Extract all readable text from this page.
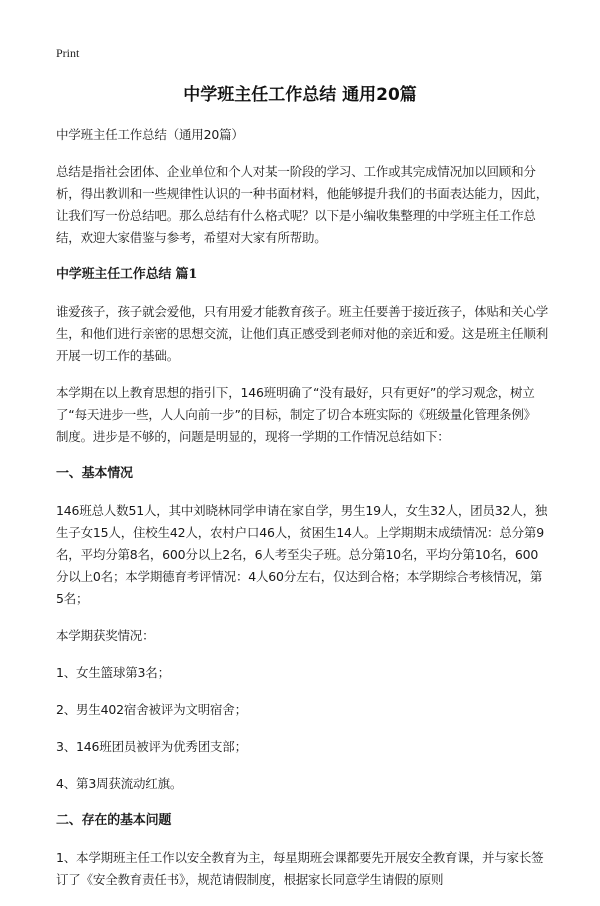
Print
中学班主任工作总结 通用20篇

中学班主任工作总结（通用20篇）

总结是指社会团体、企业单位和个人对某一阶段的学习、工作或其完成情况加以回顾和分析，得出教训和一些规律性认识的一种书面材料，他能够提升我们的书面表达能力，因此，让我们写一份总结吧。那么总结有什么格式呢？以下是小编收集整理的中学班主任工作总结，欢迎大家借鉴与参考，希望对大家有所帮助。

中学班主任工作总结 篇1

谁爱孩子，孩子就会爱他，只有用爱才能教育孩子。班主任要善于接近孩子，体贴和关心学生，和他们进行亲密的思想交流，让他们真正感受到老师对他的亲近和爱。这是班主任顺利开展一切工作的基础。

本学期在以上教育思想的指引下，146班明确了“没有最好，只有更好”的学习观念，树立了“每天进步一些，人人向前一步”的目标，制定了切合本班实际的《班级量化管理条例》制度。进步是不够的，问题是明显的，现将一学期的工作情况总结如下：

一、基本情况

146班总人数51人，其中刘晓林同学申请在家自学，男生19人，女生32人，团员32人，独生子女15人，住校生42人，农村户口46人，贫困生14人。上学期期末成绩情况：总分第9名，平均分第8名，600分以上2名，6人考至尖子班。总分第10名，平均分第10名，600分以上0名；本学期德育考评情况：4人60分左右，仅达到合格；本学期综合考核情况，第5名；

本学期获奖情况：

1、女生篮球第3名；

2、男生402宿舍被评为文明宿舍；

3、146班团员被评为优秀团支部；

4、第3周获流动红旗。

二、存在的基本问题

1、本学期班主任工作以安全教育为主，每星期班会课都要先开展安全教育课，并与家长签订了《安全教育责任书》，规范请假制度，根据家长同意学生请假的原则
